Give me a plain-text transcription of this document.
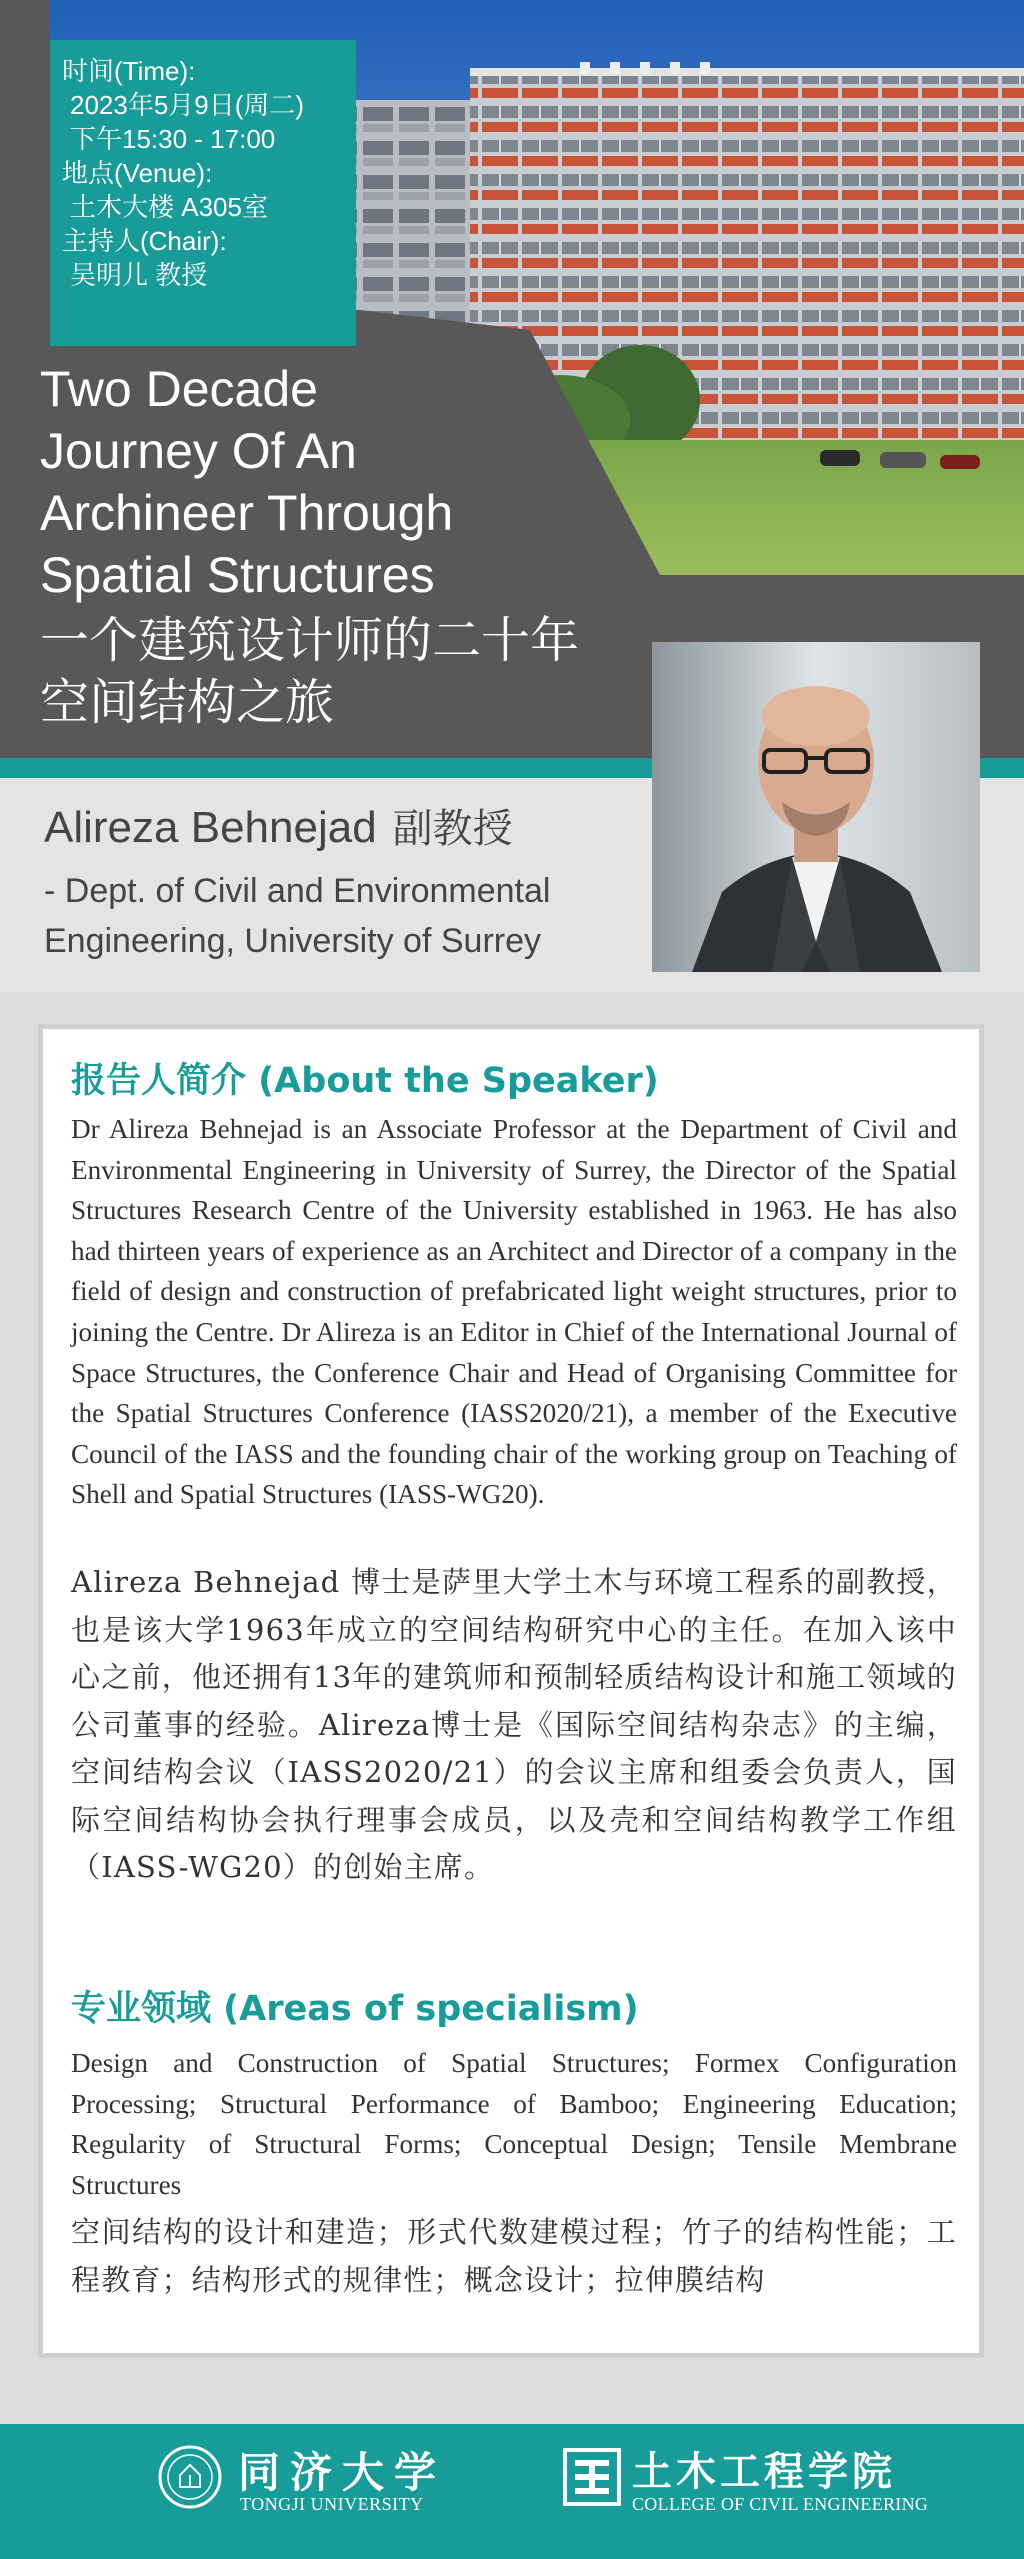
时间(Time):
2023年5月9日(周二)
下午15:30 - 17:00
地点(Venue):
土木大楼 A305室
主持人(Chair):
吴明儿 教授
Two Decade
Journey Of An
Archineer Through
Spatial Structures
一个建筑设计师的二十年
空间结构之旅
Alireza Behnejad 副教授
- Dept. of Civil and Environmental
Engineering, University of Surrey
报告人简介 (About the Speaker)

Dr Alireza Behnejad is an Associate Professor at the Department of Civil and Environmental Engineering in University of Surrey, the Director of the Spatial Structures Research Centre of the University established in 1963. He has also had thirteen years of experience as an Architect and Director of a company in the field of design and construction of prefabricated light weight structures, prior to joining the Centre. Dr Alireza is an Editor in Chief of the International Journal of Space Structures, the Conference Chair and Head of Organising Committee for the Spatial Structures Conference (IASS2020/21), a member of the Executive Council of the IASS and the founding chair of the working group on Teaching of Shell and Spatial Structures (IASS-WG20).

Alireza Behnejad 博士是萨里大学土木与环境工程系的副教授，也是该大学1963年成立的空间结构研究中心的主任。在加入该中心之前，他还拥有13年的建筑师和预制轻质结构设计和施工领域的公司董事的经验。Alireza博士是《国际空间结构杂志》的主编，空间结构会议（IASS2020/21）的会议主席和组委会负责人，国际空间结构协会执行理事会成员，以及壳和空间结构教学工作组（IASS-WG20）的创始主席。

专业领域 (Areas of specialism)

Design and Construction of Spatial Structures; Formex Configuration Processing; Structural Performance of Bamboo; Engineering Education; Regularity of Structural Forms; Conceptual Design; Tensile Membrane Structures

空间结构的设计和建造；形式代数建模过程；竹子的结构性能；工程教育；结构形式的规律性；概念设计；拉伸膜结构

同济大学
TONGJI UNIVERSITY
土木工程学院
COLLEGE OF CIVIL ENGINEERING
